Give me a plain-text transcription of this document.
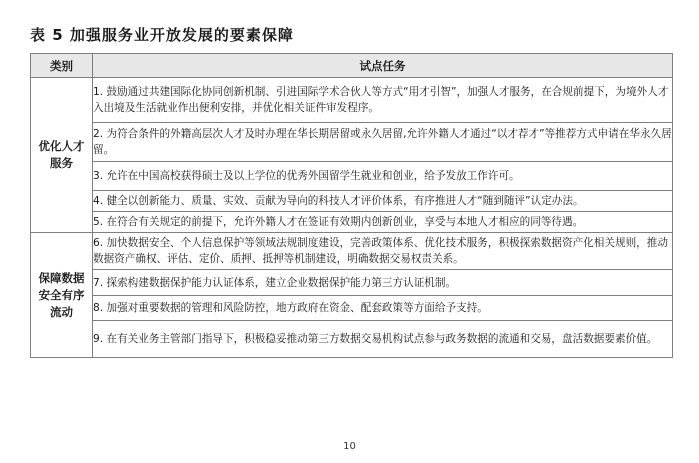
表 5 加强服务业开放发展的要素保障
类别	试点任务
优化人才
服务	1. 鼓励通过共建国际化协同创新机制、引进国际学术合伙人等方式“用才引智”，加强人才服务，在合规前提下，为境外人才入出境及生活就业作出便利安排，并优化相关证件审发程序。
	2. 为符合条件的外籍高层次人才及时办理在华长期居留或永久居留,允许外籍人才通过“以才荐才”等推荐方式申请在华永久居留。
	3. 允许在中国高校获得硕士及以上学位的优秀外国留学生就业和创业，给予发放工作许可。
	4. 健全以创新能力、质量、实效、贡献为导向的科技人才评价体系，有序推进人才“随到随评”认定办法。
	5. 在符合有关规定的前提下，允许外籍人才在签证有效期内创新创业，享受与本地人才相应的同等待遇。
保障数据
安全有序
流动	6. 加快数据安全、个人信息保护等领域法规制度建设，完善政策体系、优化技术服务，积极探索数据资产化相关规则，推动数据资产确权、评估、定价、质押、抵押等机制建设，明确数据交易权责关系。
	7. 探索构建数据保护能力认证体系，建立企业数据保护能力第三方认证机制。
	8. 加强对重要数据的管理和风险防控，地方政府在资金、配套政策等方面给予支持。
	9. 在有关业务主管部门指导下，积极稳妥推动第三方数据交易机构试点参与政务数据的流通和交易，盘活数据要素价值。
10
